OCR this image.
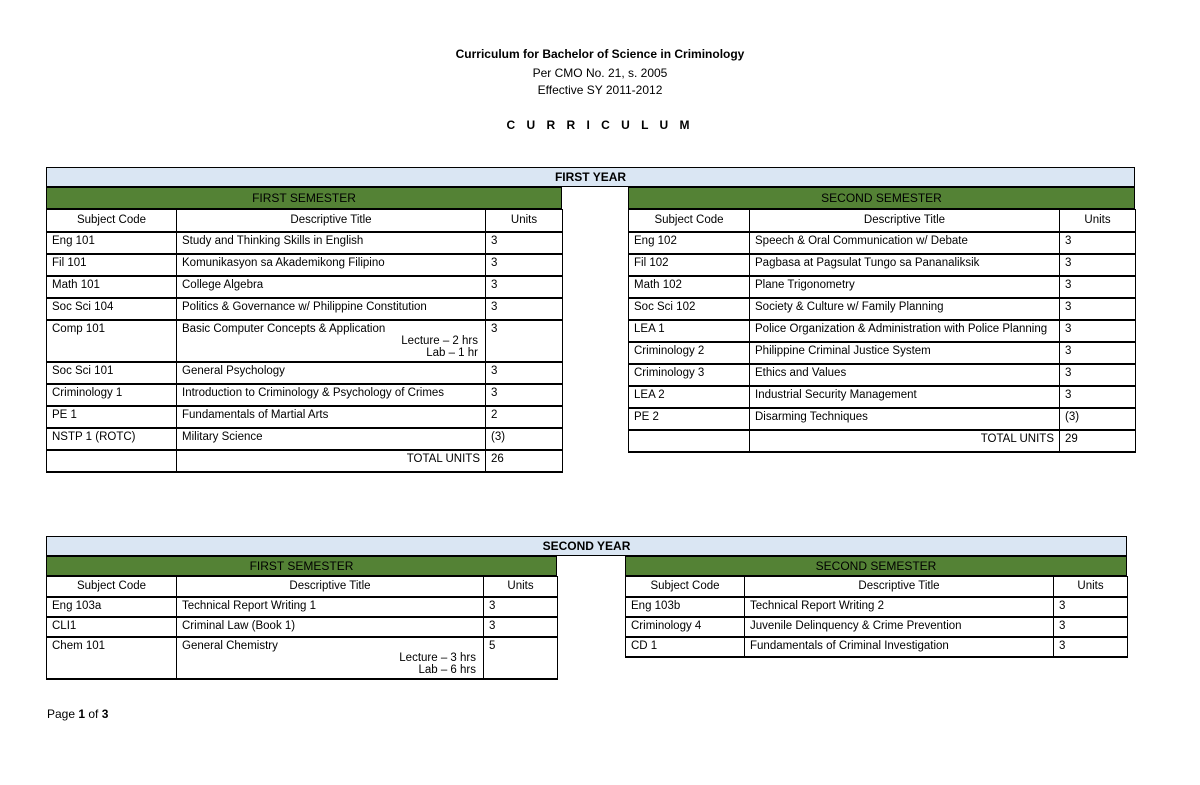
Curriculum for Bachelor of Science in Criminology
Per CMO No. 21, s. 2005
Effective SY 2011-2012
C U R R I C U L U M
FIRST YEAR
FIRST SEMESTER
Subject Code	Descriptive Title	Units
Eng 101	Study and Thinking Skills in English	3
Fil 101	Komunikasyon sa Akademikong Filipino	3
Math 101	College Algebra	3
Soc Sci 104	Politics & Governance w/ Philippine Constitution	3
Comp 101	Basic Computer Concepts & Application
Lecture – 2 hrs
Lab – 1 hr	3
Soc Sci 101	General Psychology	3
Criminology 1	Introduction to Criminology & Psychology of Crimes	3
PE 1	Fundamentals of Martial Arts	2
NSTP 1 (ROTC)	Military Science	(3)
	TOTAL UNITS	26
SECOND SEMESTER
Subject Code	Descriptive Title	Units
Eng 102	Speech & Oral Communication w/ Debate	3
Fil 102	Pagbasa at Pagsulat Tungo sa Pananaliksik	3
Math 102	Plane Trigonometry	3
Soc Sci 102	Society & Culture w/ Family Planning	3
LEA 1	Police Organization & Administration with Police Planning	3
Criminology 2	Philippine Criminal Justice System	3
Criminology 3	Ethics and Values	3
LEA 2	Industrial Security Management	3
PE 2	Disarming Techniques	(3)
	TOTAL UNITS	29
SECOND YEAR
FIRST SEMESTER
Subject Code	Descriptive Title	Units
Eng 103a	Technical Report Writing 1	3
CLI1	Criminal Law (Book 1)	3
Chem 101	General Chemistry
Lecture – 3 hrs
Lab – 6 hrs	5
SECOND SEMESTER
Subject Code	Descriptive Title	Units
Eng 103b	Technical Report Writing 2	3
Criminology 4	Juvenile Delinquency & Crime Prevention	3
CD 1	Fundamentals of Criminal Investigation	3
Page 1 of 3
